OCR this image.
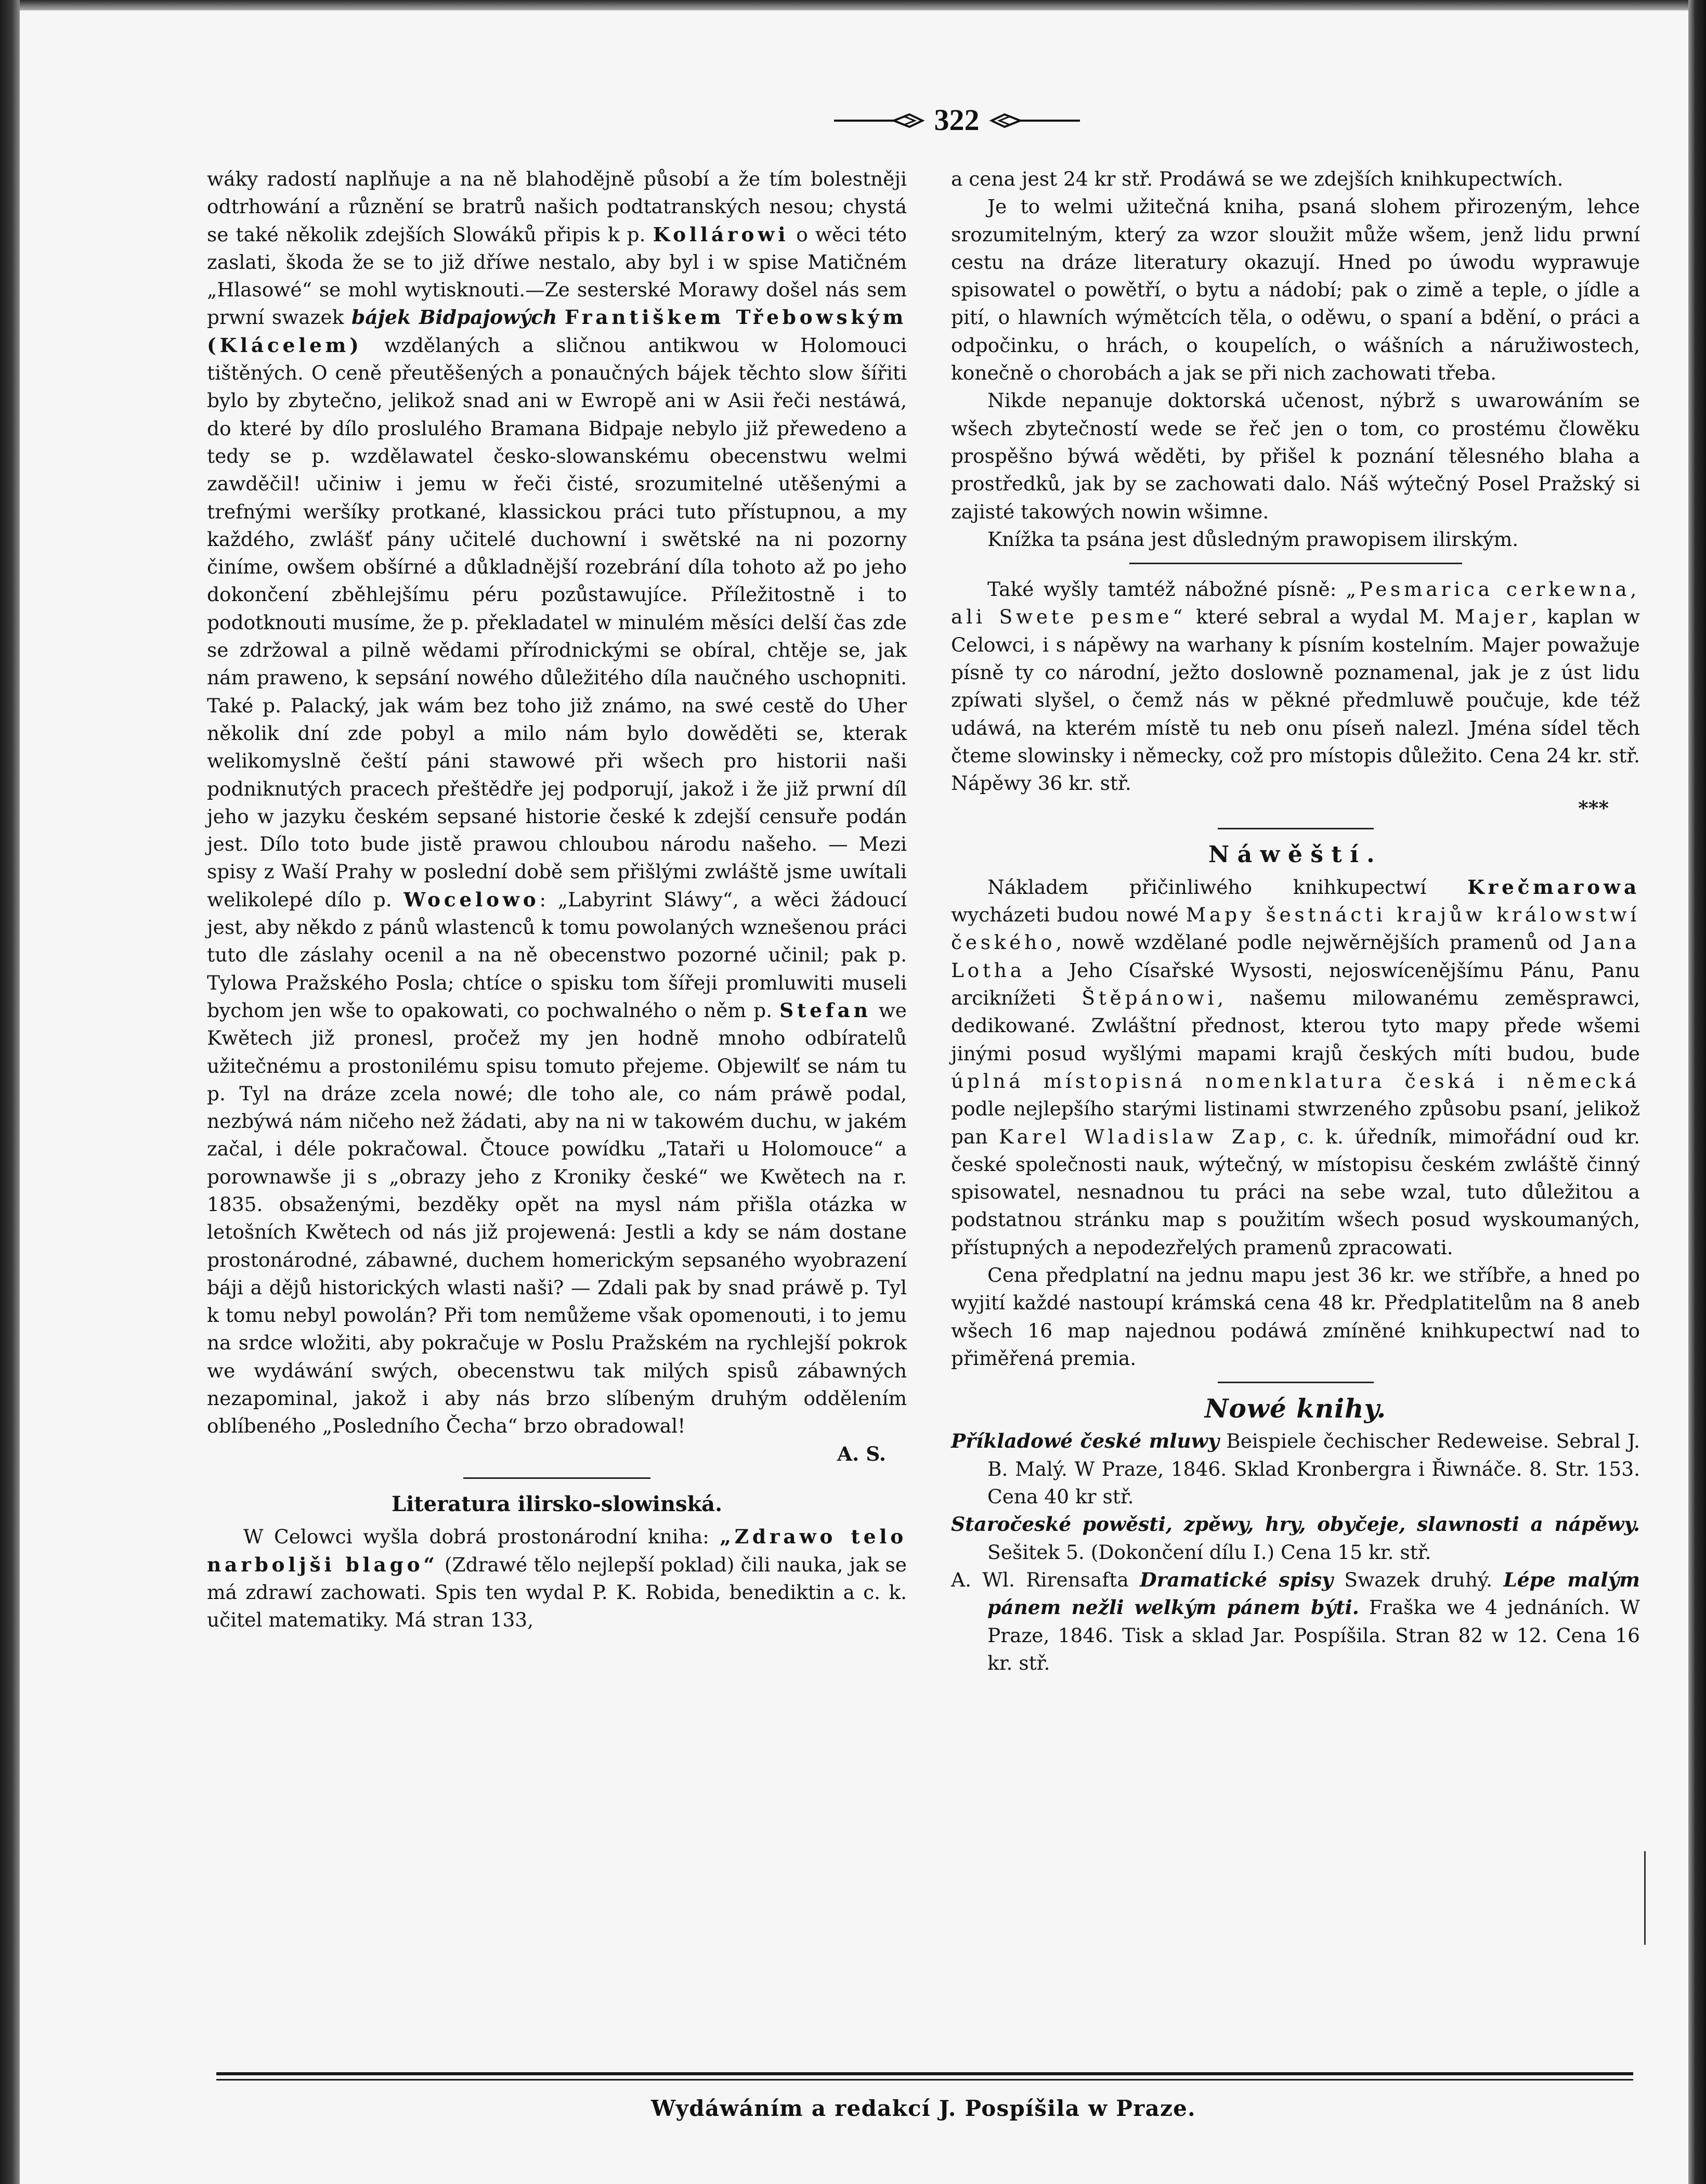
322

wáky radostí naplňuje a na ně blahodějně působí a že tím bolestněji odtrhowání a různění se bratrů našich podtatranských nesou; chystá se také několik zdejších Slowáků připis k p. Kollárowi o wěci této zaslati, škoda že se to již dříwe nestalo, aby byl i w spise Matičném „Hlasowé“ se mohl wytisknouti.—Ze sesterské Morawy došel nás sem prwní swazek bájek Bidpajowých Františkem Třebowským (Klácelem) wzdělaných a sličnou antikwou w Holomouci tištěných. O ceně přeutěšených a ponaučných bájek těchto slow šířiti bylo by zbytečno, jelikož snad ani w Ewropě ani w Asii řeči nestáwá, do které by dílo proslulého Bramana Bidpaje nebylo již přewedeno a tedy se p. wzdělawatel česko-slowanskému obecenstwu welmi zawděčil! učiniw i jemu w řeči čisté, srozumitelné utěšenými a trefnými weršíky protkané, klassickou práci tuto přístupnou, a my každého, zwlášť pány učitelé duchowní i swětské na ni pozorny činíme, owšem obšírné a důkladnější rozebrání díla tohoto až po jeho dokončení zběhlejšímu péru pozůstawujíce. Příležitostně i to podotknouti musíme, že p. překladatel w minulém měsíci delší čas zde se zdržowal a pilně wědami přírodnickými se obíral, chtěje se, jak nám praweno, k sepsání nowého důležitého díla naučného uschopniti. Také p. Palacký, jak wám bez toho již známo, na swé cestě do Uher několik dní zde pobyl a milo nám bylo dowěděti se, kterak welikomyslně čeští páni stawowé při wšech pro historii naši podniknutých pracech přeštědře jej podporují, jakož i že již prwní díl jeho w jazyku českém sepsané historie české k zdejší censuře podán jest. Dílo toto bude jistě prawou chloubou národu našeho. — Mezi spisy z Waší Prahy w poslední době sem přišlými zwláště jsme uwítali welikolepé dílo p. Wocelowo: „Labyrint Sláwy“, a wěci žádoucí jest, aby někdo z pánů wlastenců k tomu powolaných wznešenou práci tuto dle záslahy ocenil a na ně obecenstwo pozorné učinil; pak p. Tylowa Pražského Posla; chtíce o spisku tom šířeji promluwiti museli bychom jen wše to opakowati, co pochwalného o něm p. Stefan we Kwětech již pronesl, pročež my jen hodně mnoho odbíratelů užitečnému a prostonilému spisu tomuto přejeme. Objewilť se nám tu p. Tyl na dráze zcela nowé; dle toho ale, co nám práwě podal, nezbýwá nám ničeho než žádati, aby na ni w takowém duchu, w jakém začal, i déle pokračowal. Čtouce powídku „Tataři u Holomouce“ a porownawše ji s „obrazy jeho z Kroniky české“ we Kwětech na r. 1835. obsaženými, bezděky opět na mysl nám přišla otázka w letošních Kwětech od nás již projewená: Jestli a kdy se nám dostane prostonárodné, zábawné, duchem homerickým sepsaného wyobrazení báji a dějů historických wlasti naši? — Zdali pak by snad práwě p. Tyl k tomu nebyl powolán? Při tom nemůžeme však opomenouti, i to jemu na srdce wložiti, aby pokračuje w Poslu Pražském na rychlejší pokrok we wydáwání swých, obecenstwu tak milých spisů zábawných nezapominal, jakož i aby nás brzo slíbeným druhým oddělením oblíbeného „Posledního Čecha“ brzo obradowal!

A. S.

Literatura ilirsko-slowinská.

W Celowci wyšla dobrá prostonárodní kniha: „Zdrawo telo narboljši blago“ (Zdrawé tělo nejlepší poklad) čili nauka, jak se má zdrawí zachowati. Spis ten wydal P. K. Robida, benediktin a c. k. učitel matematiky. Má stran 133,

a cena jest 24 kr stř. Prodáwá se we zdejších knihkupectwích.

Je to welmi užitečná kniha, psaná slohem přirozeným, lehce srozumitelným, který za wzor sloužit může wšem, jenž lidu prwní cestu na dráze literatury okazují. Hned po úwodu wyprawuje spisowatel o powětří, o bytu a nádobí; pak o zimě a teple, o jídle a pití, o hlawních wýmětcích těla, o oděwu, o spaní a bdění, o práci a odpočinku, o hrách, o koupelích, o wášních a náružiwostech, konečně o chorobách a jak se při nich zachowati třeba.

Nikde nepanuje doktorská učenost, nýbrž s uwarowáním se wšech zbytečností wede se řeč jen o tom, co prostému člowěku prospěšno býwá wěděti, by přišel k poznání tělesného blaha a prostředků, jak by se zachowati dalo. Náš wýtečný Posel Pražský si zajisté takowých nowin wšimne.

Knížka ta psána jest důsledným prawopisem ilirským.

Také wyšly tamtéž nábožné písně: „Pesmarica cerkewna, ali Swete pesme“ které sebral a wydal M. Majer, kaplan w Celowci, i s nápěwy na warhany k písním kostelním. Majer powažuje písně ty co národní, ježto doslowně poznamenal, jak je z úst lidu zpíwati slyšel, o čemž nás w pěkné předmluwě poučuje, kde též udáwá, na kterém místě tu neb onu píseň nalezl. Jména sídel těch čteme slowinsky i německy, což pro místopis důležito. Cena 24 kr. stř. Nápěwy 36 kr. stř.

***

Náwěští.

Nákladem přičinliwého knihkupectwí Krečmarowa wycházeti budou nowé Mapy šestnácti krajůw králowstwí českého, nowě wzdělané podle nejwěrnějších pramenů od Jana Lotha a Jeho Císařské Wysosti, nejoswícenějšímu Pánu, Panu arciknížeti Štěpánowi, našemu milowanému zeměsprawci, dedikowané. Zwláštní přednost, kterou tyto mapy přede wšemi jinými posud wyšlými mapami krajů českých míti budou, bude úplná místopisná nomenklatura česká i německá podle nejlepšího starými listinami stwrzeného způsobu psaní, jelikož pan Karel Wladislaw Zap, c. k. úředník, mimořádní oud kr. české společnosti nauk, wýtečný, w místopisu českém zwláště činný spisowatel, nesnadnou tu práci na sebe wzal, tuto důležitou a podstatnou stránku map s použitím wšech posud wyskoumaných, přístupných a nepodezřelých pramenů zpracowati.

Cena předplatní na jednu mapu jest 36 kr. we stříbře, a hned po wyjití každé nastoupí krámská cena 48 kr. Předplatitelům na 8 aneb wšech 16 map najednou podáwá zmíněné knihkupectwí nad to přiměřená premia.

Nowé knihy.

Příkladowé české mluwy Beispiele čechischer Redeweise. Sebral J. B. Malý. W Praze, 1846. Sklad Kronbergra i Řiwnáče. 8. Str. 153. Cena 40 kr stř.

Staročeské powěsti, zpěwy, hry, obyčeje, slawnosti a nápěwy. Sešitek 5. (Dokončení dílu I.) Cena 15 kr. stř.

A. Wl. Rirensafta Dramatické spisy Swazek druhý. Lépe malým pánem nežli welkým pánem býti. Fraška we 4 jednáních. W Praze, 1846. Tisk a sklad Jar. Pospíšila. Stran 82 w 12. Cena 16 kr. stř.

Wydáwáním a redakcí J. Pospíšila w Praze.
